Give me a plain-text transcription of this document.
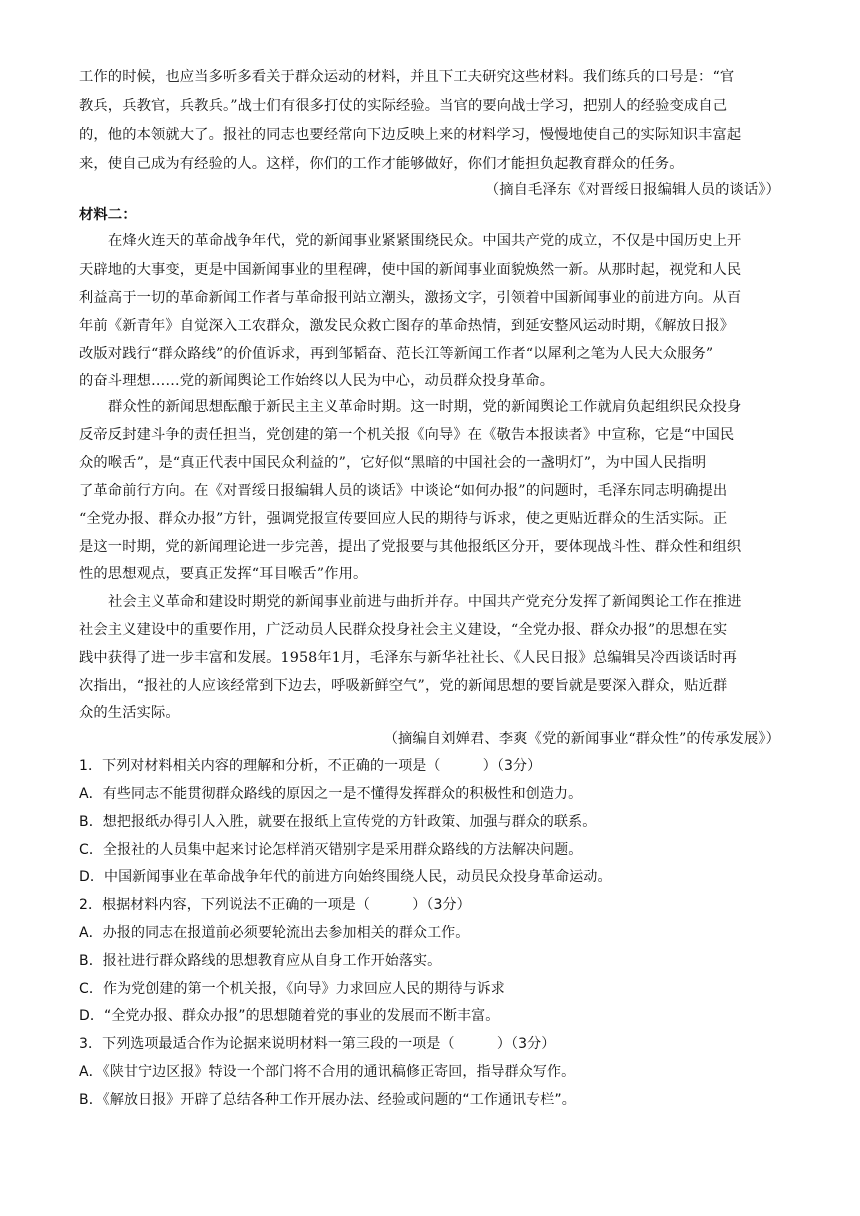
工作的时候，也应当多听多看关于群众运动的材料，并且下工夫研究这些材料。我们练兵的口号是：“官
教兵，兵教官，兵教兵。”战士们有很多打仗的实际经验。当官的要向战士学习，把别人的经验变成自己
的，他的本领就大了。报社的同志也要经常向下边反映上来的材料学习，慢慢地使自己的实际知识丰富起
来，使自己成为有经验的人。这样，你们的工作才能够做好，你们才能担负起教育群众的任务。
（摘自毛泽东《对晋绥日报编辑人员的谈话》）
材料二：
在烽火连天的革命战争年代，党的新闻事业紧紧围绕民众。中国共产党的成立，不仅是中国历史上开
天辟地的大事变，更是中国新闻事业的里程碑，使中国的新闻事业面貌焕然一新。从那时起，视党和人民
利益高于一切的革命新闻工作者与革命报刊站立潮头，激扬文字，引领着中国新闻事业的前进方向。从百
年前《新青年》自觉深入工农群众，激发民众救亡图存的革命热情，到延安整风运动时期，《解放日报》
改版对践行“群众路线”的价值诉求，再到邹韬奋、范长江等新闻工作者“以犀利之笔为人民大众服务”
的奋斗理想……党的新闻舆论工作始终以人民为中心，动员群众投身革命。
群众性的新闻思想酝酿于新民主主义革命时期。这一时期，党的新闻舆论工作就肩负起组织民众投身
反帝反封建斗争的责任担当，党创建的第一个机关报《向导》在《敬告本报读者》中宣称，它是“中国民
众的喉舌”，是“真正代表中国民众利益的”，它好似“黑暗的中国社会的一盏明灯”，为中国人民指明
了革命前行方向。在《对晋绥日报编辑人员的谈话》中谈论“如何办报”的问题时，毛泽东同志明确提出
“全党办报、群众办报”方针，强调党报宣传要回应人民的期待与诉求，使之更贴近群众的生活实际。正
是这一时期，党的新闻理论进一步完善，提出了党报要与其他报纸区分开，要体现战斗性、群众性和组织
性的思想观点，要真正发挥“耳目喉舌”作用。
社会主义革命和建设时期党的新闻事业前进与曲折并存。中国共产党充分发挥了新闻舆论工作在推进
社会主义建设中的重要作用，广泛动员人民群众投身社会主义建设，“全党办报、群众办报”的思想在实
践中获得了进一步丰富和发展。1958年1月，毛泽东与新华社社长、《人民日报》总编辑吴冷西谈话时再
次指出，“报社的人应该经常到下边去，呼吸新鲜空气”，党的新闻思想的要旨就是要深入群众，贴近群
众的生活实际。
（摘编自刘婵君、李爽《党的新闻事业“群众性”的传承发展》）
1．下列对材料相关内容的理解和分析，不正确的一项是（　　　）（3分）
A．有些同志不能贯彻群众路线的原因之一是不懂得发挥群众的积极性和创造力。
B．想把报纸办得引人入胜，就要在报纸上宣传党的方针政策、加强与群众的联系。
C．全报社的人员集中起来讨论怎样消灭错别字是采用群众路线的方法解决问题。
D．中国新闻事业在革命战争年代的前进方向始终围绕人民，动员民众投身革命运动。
2．根据材料内容，下列说法不正确的一项是（　　　）（3分）
A．办报的同志在报道前必须要轮流出去参加相关的群众工作。
B．报社进行群众路线的思想教育应从自身工作开始落实。
C．作为党创建的第一个机关报，《向导》力求回应人民的期待与诉求
D．“全党办报、群众办报”的思想随着党的事业的发展而不断丰富。
3．下列选项最适合作为论据来说明材料一第三段的一项是（　　　）（3分）
A．《陕甘宁边区报》特设一个部门将不合用的通讯稿修正寄回，指导群众写作。
B．《解放日报》开辟了总结各种工作开展办法、经验或问题的“工作通讯专栏”。
